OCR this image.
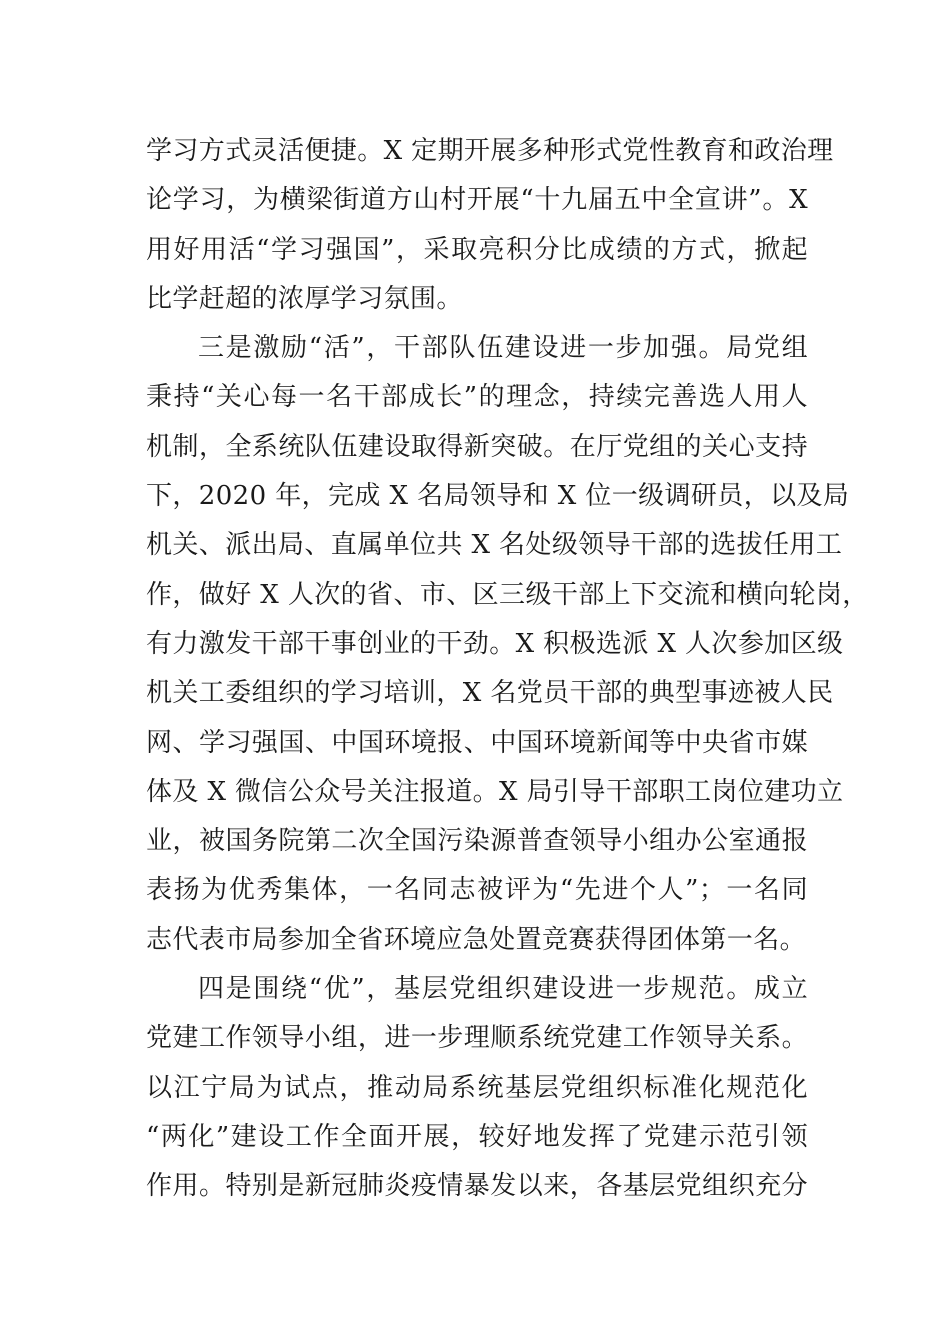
学习方式灵活便捷。X 定期开展多种形式党性教育和政治理
论学习，为横梁街道方山村开展“十九届五中全宣讲”。X
用好用活“学习强国”，采取亮积分比成绩的方式，掀起
比学赶超的浓厚学习氛围。
三是激励“活”，干部队伍建设进一步加强。局党组
秉持“关心每一名干部成长”的理念，持续完善选人用人
机制，全系统队伍建设取得新突破。在厅党组的关心支持
下，2020 年，完成 X 名局领导和 X 位一级调研员，以及局
机关、派出局、直属单位共 X 名处级领导干部的选拔任用工
作，做好 X 人次的省、市、区三级干部上下交流和横向轮岗，
有力激发干部干事创业的干劲。X 积极选派 X 人次参加区级
机关工委组织的学习培训，X 名党员干部的典型事迹被人民
网、学习强国、中国环境报、中国环境新闻等中央省市媒
体及 X 微信公众号关注报道。X 局引导干部职工岗位建功立
业，被国务院第二次全国污染源普查领导小组办公室通报
表扬为优秀集体，一名同志被评为“先进个人”；一名同
志代表市局参加全省环境应急处置竞赛获得团体第一名。
四是围绕“优”，基层党组织建设进一步规范。成立
党建工作领导小组，进一步理顺系统党建工作领导关系。
以江宁局为试点，推动局系统基层党组织标准化规范化
“两化”建设工作全面开展，较好地发挥了党建示范引领
作用。特别是新冠肺炎疫情暴发以来，各基层党组织充分
